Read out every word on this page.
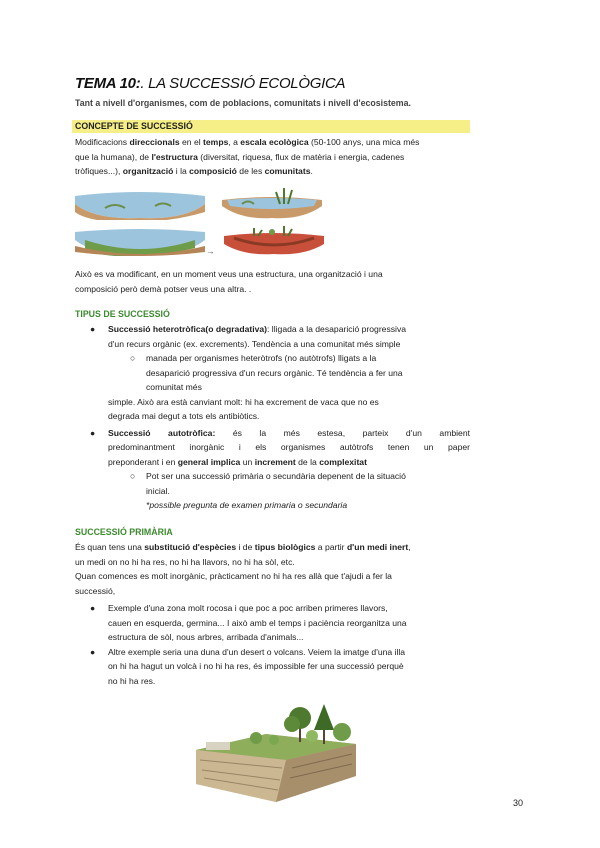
TEMA 10:. LA SUCCESSIÓ ECOLÒGICA
Tant a nivell d'organismes, com de poblacions, comunitats i nivell d'ecosistema.
CONCEPTE DE SUCCESSIÓ
Modificacions direccionals en el temps, a escala ecològica (50-100 anys, una mica més
que la humana), de l'estructura (diversitat, riquesa, flux de matèria i energia, cadenes
tròfiques...), organització i la composició de les comunitats.
→
Això es va modificant, en un moment veus una estructura, una organització i una
composició però demà potser veus una altra. .
TIPUS DE SUCCESSIÓ
● Successió heterotròfica(o degradativa): lligada a la desaparició progressiva
d'un recurs orgànic (ex. excrements). Tendència a una comunitat més simple
○ manada per organismes heteròtrofs (no autòtrofs) lligats a la
desaparició progressiva d'un recurs orgànic. Té tendència a fer una
comunitat més
simple. Això ara està canviant molt: hi ha excrement de vaca que no es
degrada mai degut a tots els antibiòtics.
● Successió autotròfica: és la més estesa, parteix d'un ambient
predominantment inorgànic i els organismes autòtrofs tenen un paper
preponderant i en general implica un increment de la complexitat
○ Pot ser una successió primària o secundària depenent de la situació
inicial.
*possible pregunta de examen primaria o secundaria
SUCCESSIÓ PRIMÀRIA
És quan tens una substitució d'espècies i de tipus biològics a partir d'un medi inert,
un medi on no hi ha res, no hi ha llavors, no hi ha sòl, etc.
Quan comences es molt inorgànic, pràcticament no hi ha res allà que t'ajudi a fer la
successió,
● Exemple d'una zona molt rocosa i que poc a poc arriben primeres llavors,
cauen en esquerda, germina... I això amb el temps i paciència reorganitza una
estructura de sòl, nous arbres, arribada d'animals...
● Altre exemple seria una duna d'un desert o volcans. Veiem la imatge d'una illa
on hi ha hagut un volcà i no hi ha res, és impossible fer una successió perquè
no hi ha res.
30
